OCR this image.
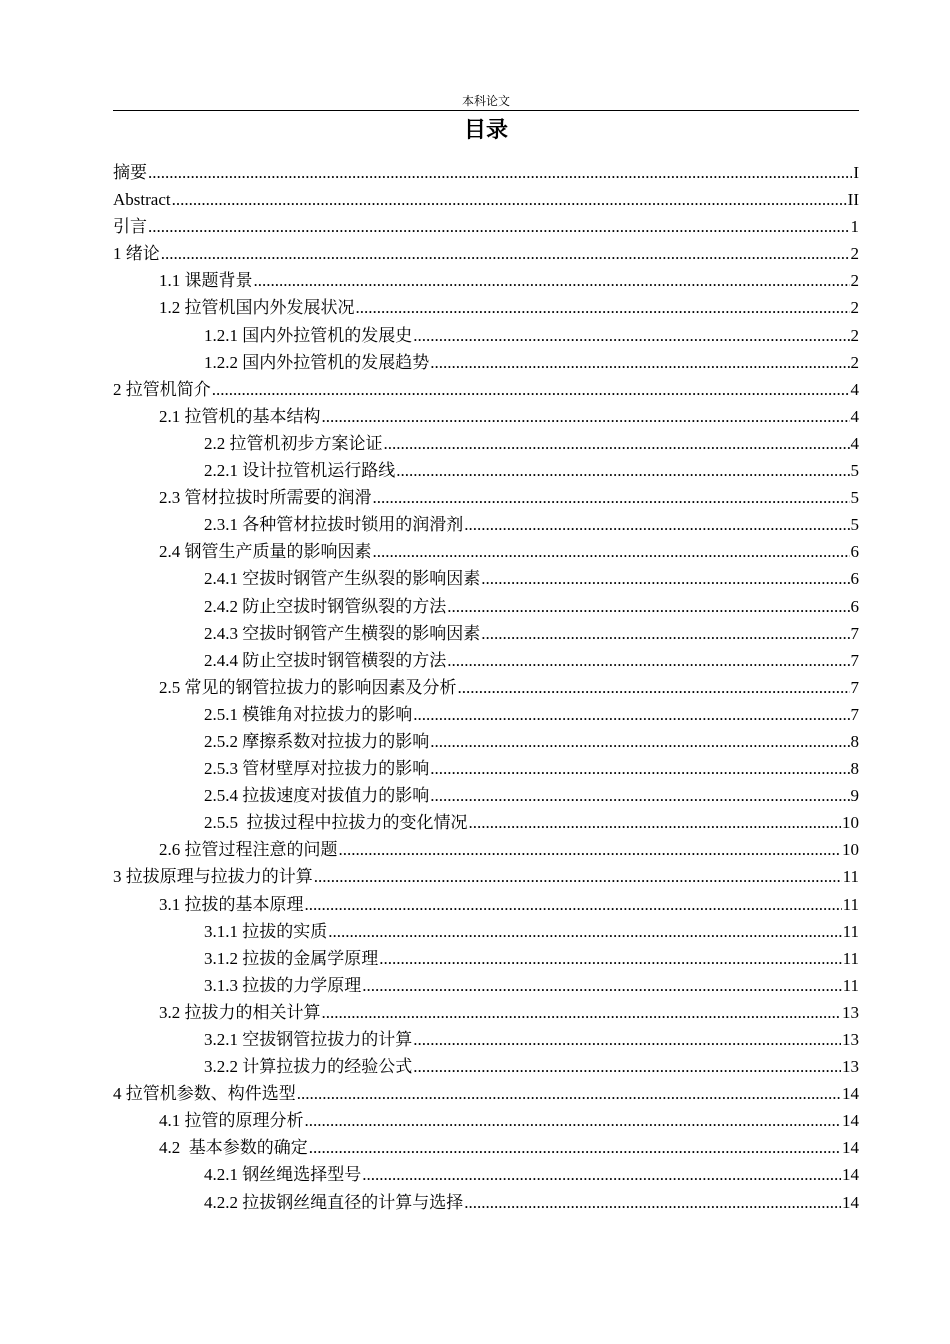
本科论文
目录
摘要 .....	I
Abstract .....	II
引言 .....	1
1 绪论 .....	2
1.1 课题背景 .....	2
1.2 拉管机国内外发展状况 .....	2
1.2.1 国内外拉管机的发展史 .....	2
1.2.2 国内外拉管机的发展趋势 .....	2
2 拉管机简介 .....	4
2.1 拉管机的基本结构 .....	4
2.2 拉管机初步方案论证 .....	4
2.2.1 设计拉管机运行路线 .....	5
2.3 管材拉拔时所需要的润滑 .....	5
2.3.1 各种管材拉拔时锁用的润滑剂 .....	5
2.4 钢管生产质量的影响因素 .....	6
2.4.1 空拔时钢管产生纵裂的影响因素 .....	6
2.4.2 防止空拔时钢管纵裂的方法 .....	6
2.4.3 空拔时钢管产生横裂的影响因素 .....	7
2.4.4 防止空拔时钢管横裂的方法 .....	7
2.5 常见的钢管拉拔力的影响因素及分析 .....	7
2.5.1 模锥角对拉拔力的影响 .....	7
2.5.2 摩擦系数对拉拔力的影响 .....	8
2.5.3 管材壁厚对拉拔力的影响 .....	8
2.5.4 拉拔速度对拔值力的影响 .....	9
2.5.5  拉拔过程中拉拔力的变化情况 .....	10
2.6 拉管过程注意的问题 .....	10
3 拉拔原理与拉拔力的计算 .....	11
3.1 拉拔的基本原理 .....	11
3.1.1 拉拔的实质 .....	11
3.1.2 拉拔的金属学原理 .....	11
3.1.3 拉拔的力学原理 .....	11
3.2 拉拔力的相关计算 .....	13
3.2.1 空拔钢管拉拔力的计算 .....	13
3.2.2 计算拉拔力的经验公式 .....	13
4 拉管机参数、构件选型 .....	14
4.1 拉管的原理分析 .....	14
4.2  基本参数的确定 .....	14
4.2.1 钢丝绳选择型号 .....	14
4.2.2 拉拔钢丝绳直径的计算与选择 .....	14
